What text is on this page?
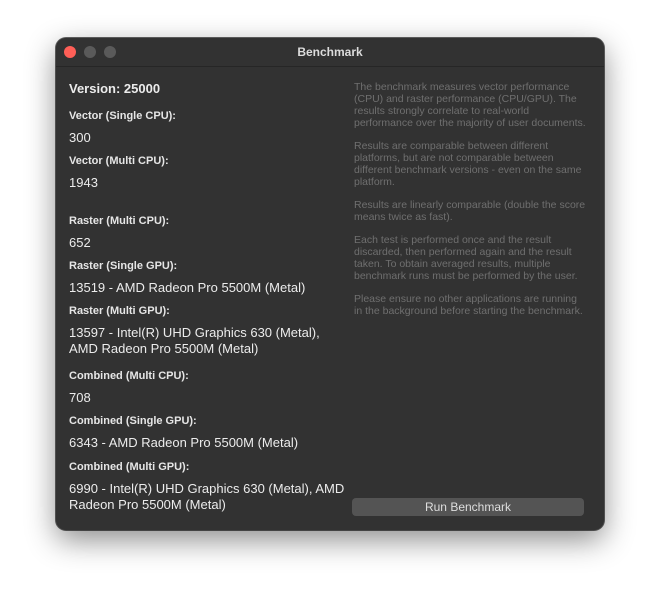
Benchmark
Version: 25000
Vector (Single CPU):
300
Vector (Multi CPU):
1943
Raster (Multi CPU):
652
Raster (Single GPU):
13519 - AMD Radeon Pro 5500M (Metal)
Raster (Multi GPU):
13597 - Intel(R) UHD Graphics 630 (Metal), AMD Radeon Pro 5500M (Metal)
Combined (Multi CPU):
708
Combined (Single GPU):
6343 - AMD Radeon Pro 5500M (Metal)
Combined (Multi GPU):
6990 - Intel(R) UHD Graphics 630 (Metal), AMD Radeon Pro 5500M (Metal)

The benchmark measures vector performance (CPU) and raster performance (CPU/GPU). The results strongly correlate to real-world performance over the majority of user documents.

Results are comparable between different platforms, but are not comparable between different benchmark versions - even on the same platform.

Results are linearly comparable (double the score means twice as fast).

Each test is performed once and the result discarded, then performed again and the result taken. To obtain averaged results, multiple benchmark runs must be performed by the user.

Please ensure no other applications are running in the background before starting the benchmark.

Run Benchmark
